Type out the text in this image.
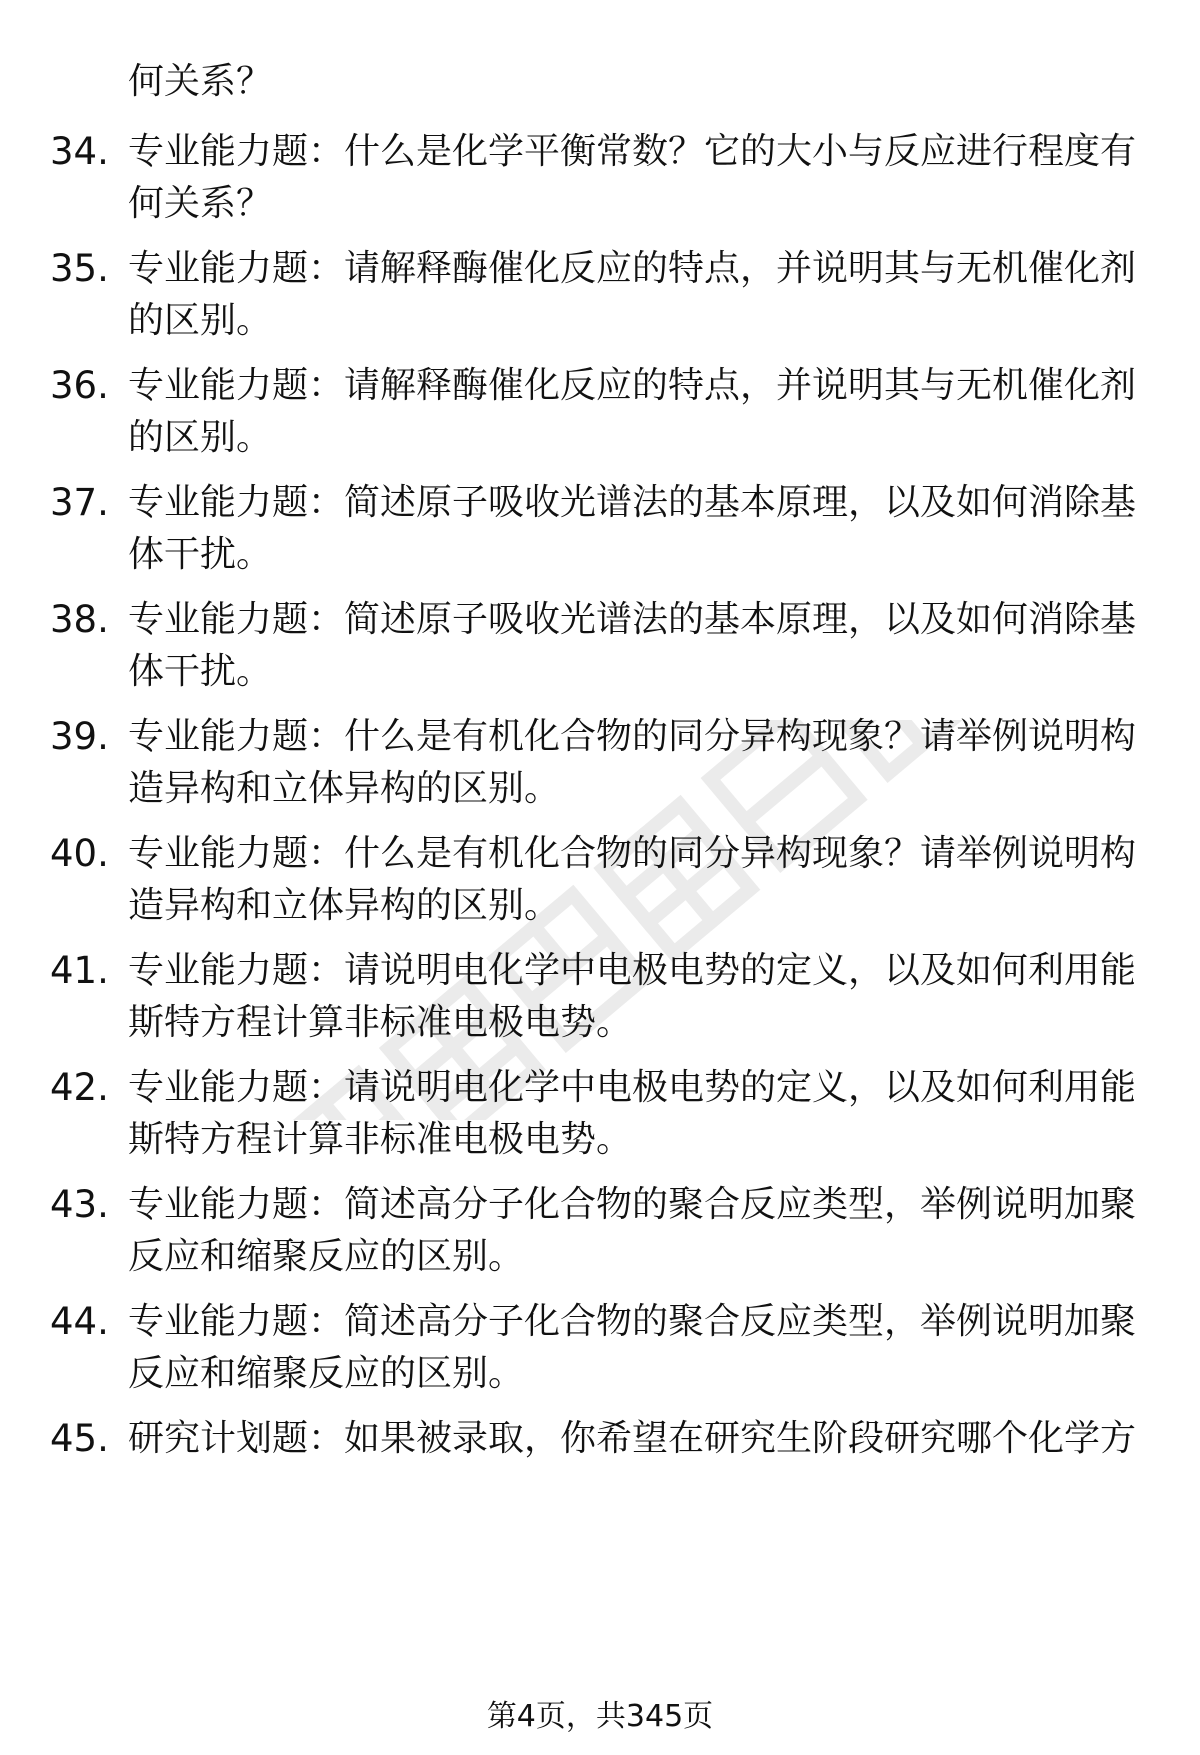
何关系？
34. 专业能力题：什么是化学平衡常数？它的大小与反应进行程度有
何关系？
35. 专业能力题：请解释酶催化反应的特点，并说明其与无机催化剂
的区别。
36. 专业能力题：请解释酶催化反应的特点，并说明其与无机催化剂
的区别。
37. 专业能力题：简述原子吸收光谱法的基本原理，以及如何消除基
体干扰。
38. 专业能力题：简述原子吸收光谱法的基本原理，以及如何消除基
体干扰。
39. 专业能力题：什么是有机化合物的同分异构现象？请举例说明构
造异构和立体异构的区别。
40. 专业能力题：什么是有机化合物的同分异构现象？请举例说明构
造异构和立体异构的区别。
41. 专业能力题：请说明电化学中电极电势的定义，以及如何利用能
斯特方程计算非标准电极电势。
42. 专业能力题：请说明电化学中电极电势的定义，以及如何利用能
斯特方程计算非标准电极电势。
43. 专业能力题：简述高分子化合物的聚合反应类型，举例说明加聚
反应和缩聚反应的区别。
44. 专业能力题：简述高分子化合物的聚合反应类型，举例说明加聚
反应和缩聚反应的区别。
45. 研究计划题：如果被录取，你希望在研究生阶段研究哪个化学方
第4页，共345页
